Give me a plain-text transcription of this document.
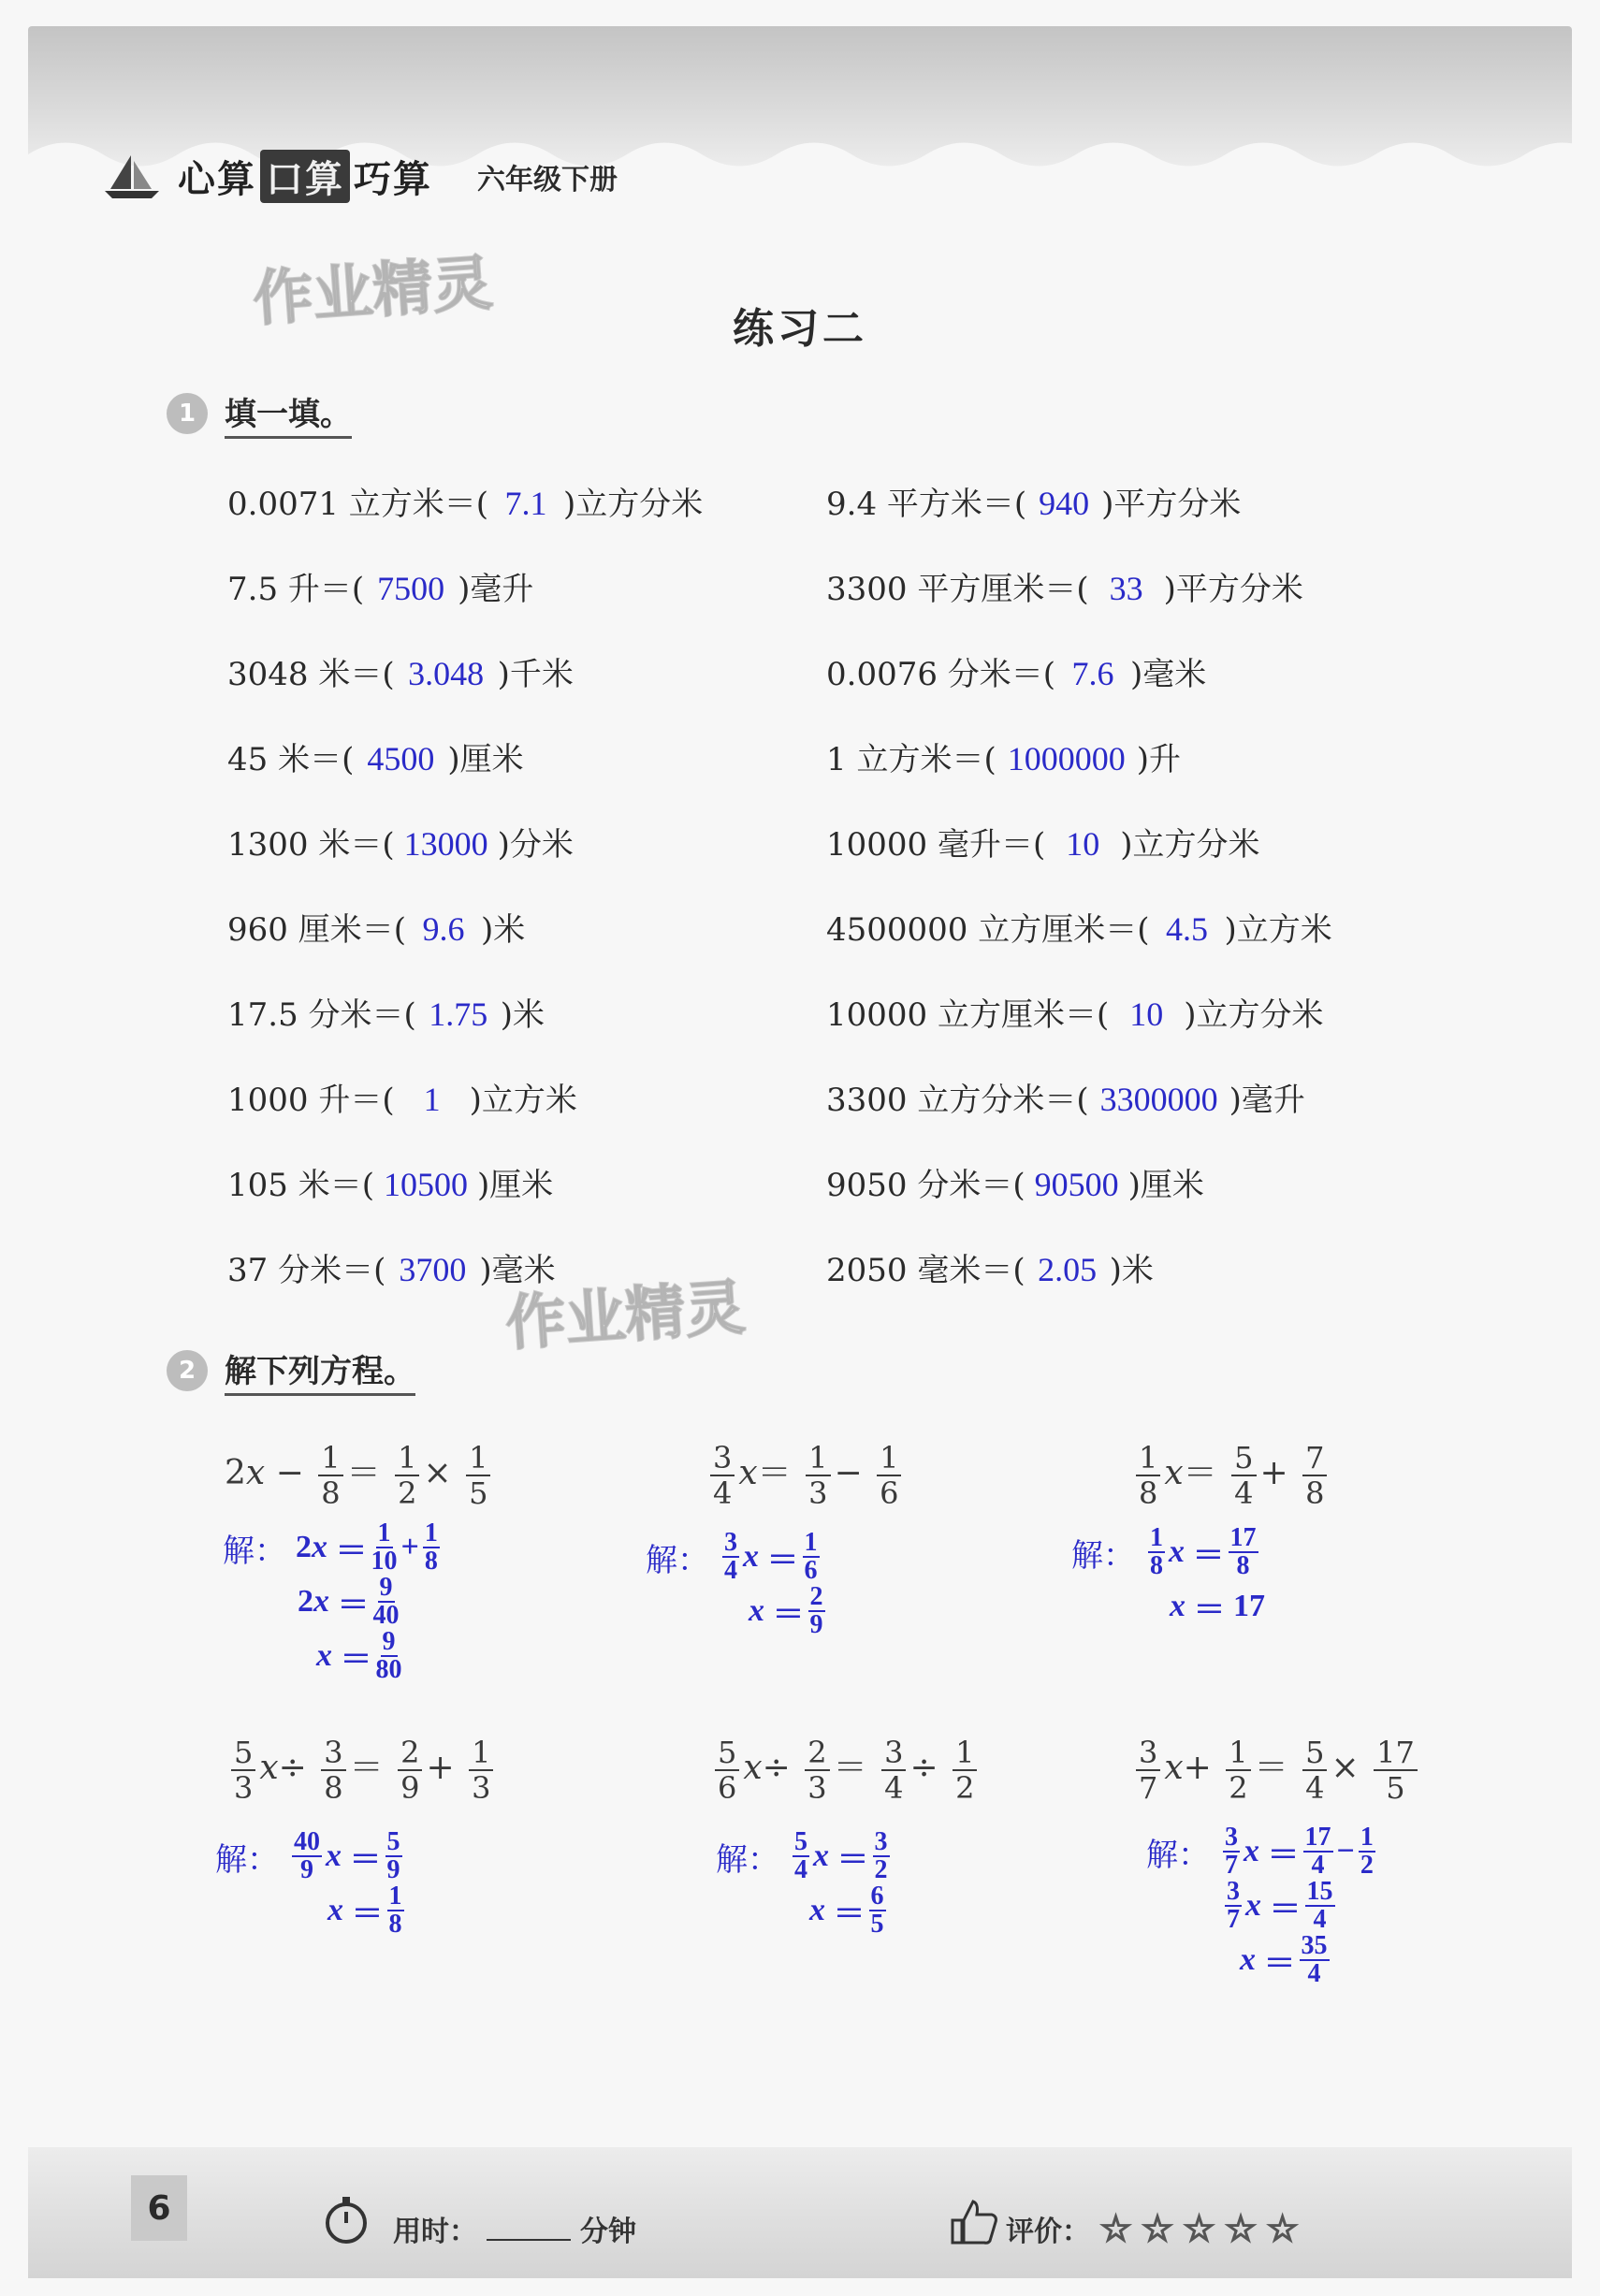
心算 口算 巧算 六年级下册
作业精灵
作业精灵
练习二
1 填一填。
0.0071 立方米＝( 7.1 )立方分米	9.4 平方米＝( 940 )平方分米
7.5 升＝( 7500 )毫升	3300 平方厘米＝( 33 )平方分米
3048 米＝( 3.048 )千米	0.0076 分米＝( 7.6 )毫米
45 米＝( 4500 )厘米	1 立方米＝( 1000000 )升
1300 米＝( 13000 )分米	10000 毫升＝( 10 )立方分米
960 厘米＝( 9.6 )米	4500000 立方厘米＝( 4.5 )立方米
17.5 分米＝( 1.75 )米	10000 立方厘米＝( 10 )立方分米
1000 升＝( 1 )立方米	3300 立方分米＝( 3300000 )毫升
105 米＝( 10500 )厘米	9050 分米＝( 90500 )厘米
37 分米＝( 3700 )毫米	2050 毫米＝( 2.05 )米
2 解下列方程。
$2x - \frac{1}{8} = \frac{1}{2} \times \frac{1}{5}$
解： 2 x
＝ $\frac{1}{10} + \frac{1}{8}$
2 x
＝ $\frac{9}{40}$
x
＝ $\frac{9}{80}$
$\frac{3}{4} x= \frac{1}{3} - \frac{1}{6}$
解： $\frac{3}{4}$ x
＝ $\frac{1}{6}$
x
＝ $\frac{2}{9}$
$\frac{1}{8} x= \frac{5}{4} + \frac{7}{8}$
解： $\frac{1}{8}$ x
＝ $\frac{17}{8}$
x
＝
17
$\frac{5}{3} x\div \frac{3}{8} = \frac{2}{9} + \frac{1}{3}$
解： $\frac{40}{9}$ x
＝ $\frac{5}{9}$
x
＝ $\frac{1}{8}$
$\frac{5}{6} x\div \frac{2}{3} = \frac{3}{4} \div \frac{1}{2}$
解： $\frac{5}{4}$ x
＝ $\frac{3}{2}$
x
＝ $\frac{6}{5}$
$\frac{3}{7} x+ \frac{1}{2} = \frac{5}{4} \times \frac{17}{5}$
解： $\frac{3}{7}$ x
＝ $\frac{17}{4} - \frac{1}{2}$
$\frac{3}{7}$ x
＝ $\frac{15}{4}$
x
＝ $\frac{35}{4}$
6
用时：	分钟	评价： ☆ ☆ ☆ ☆ ☆
